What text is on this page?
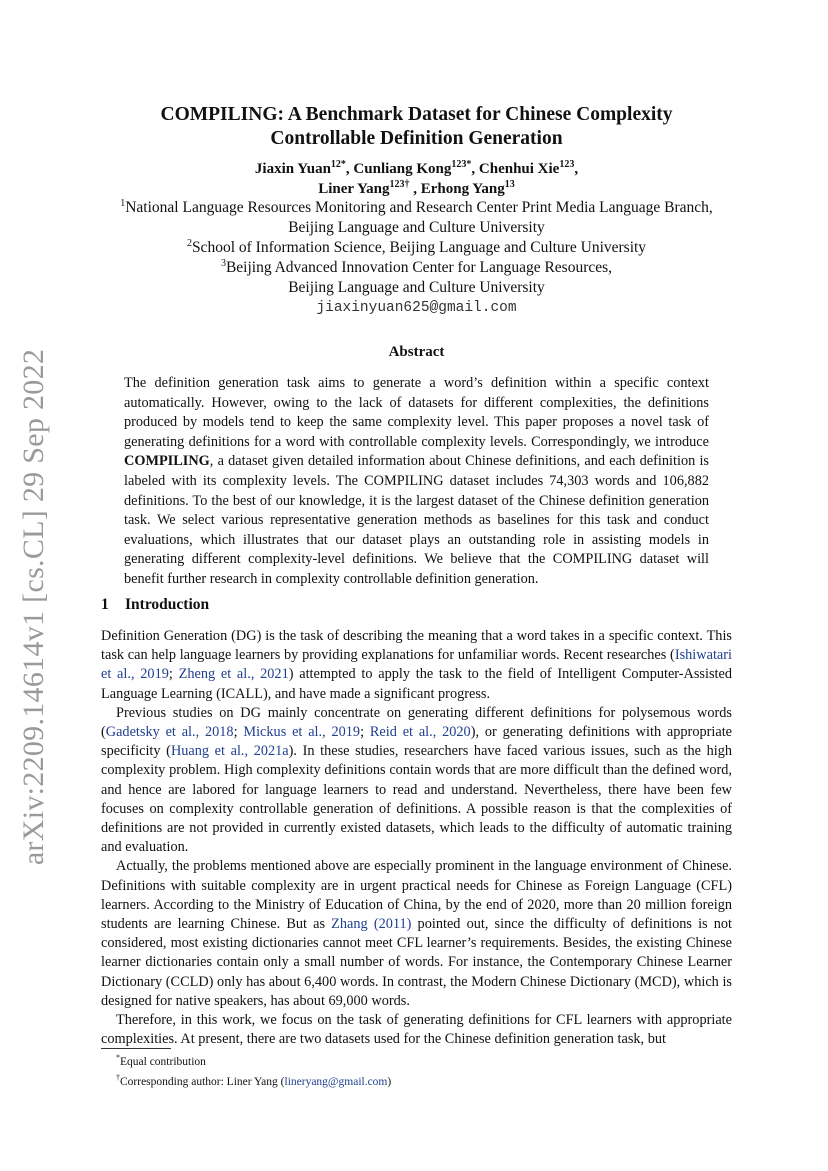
arXiv:2209.14614v1 [cs.CL] 29 Sep 2022
COMPILING: A Benchmark Dataset for Chinese Complexity
Controllable Definition Generation
Jiaxin Yuan$^{12*}$, Cunliang Kong$^{123*}$, Chenhui Xie$^{123}$,
Liner Yang$^{123\dagger}$ , Erhong Yang$^{13}$
$^1$National Language Resources Monitoring and Research Center Print Media Language Branch,
Beijing Language and Culture University
$^2$School of Information Science, Beijing Language and Culture University
$^3$Beijing Advanced Innovation Center for Language Resources,
Beijing Language and Culture University
jiaxinyuan625@gmail.com
Abstract
The definition generation task aims to generate a word’s definition within a specific context automatically. However, owing to the lack of datasets for different complexities, the definitions produced by models tend to keep the same complexity level. This paper proposes a novel task of generating definitions for a word with controllable complexity levels. Correspondingly, we introduce COMPILING, a dataset given detailed information about Chinese definitions, and each definition is labeled with its complexity levels. The COMPILING dataset includes 74,303 words and 106,882 definitions. To the best of our knowledge, it is the largest dataset of the Chinese definition generation task. We select various representative generation methods as baselines for this task and conduct evaluations, which illustrates that our dataset plays an outstanding role in assisting models in generating different complexity-level definitions. We believe that the COMPILING dataset will benefit further research in complexity controllable definition generation.
1 Introduction

Definition Generation (DG) is the task of describing the meaning that a word takes in a specific context. This task can help language learners by providing explanations for unfamiliar words. Recent researches (Ishiwatari et al., 2019; Zheng et al., 2021) attempted to apply the task to the field of Intelligent Computer-Assisted Language Learning (ICALL), and have made a significant progress.

Previous studies on DG mainly concentrate on generating different definitions for polysemous words (Gadetsky et al., 2018; Mickus et al., 2019; Reid et al., 2020), or generating definitions with appropriate specificity (Huang et al., 2021a). In these studies, researchers have faced various issues, such as the high complexity problem. High complexity definitions contain words that are more difficult than the defined word, and hence are labored for language learners to read and understand. Nevertheless, there have been few focuses on complexity controllable generation of definitions. A possible reason is that the complexities of definitions are not provided in currently existed datasets, which leads to the difficulty of automatic training and evaluation.

Actually, the problems mentioned above are especially prominent in the language environment of Chinese. Definitions with suitable complexity are in urgent practical needs for Chinese as Foreign Language (CFL) learners. According to the Ministry of Education of China, by the end of 2020, more than 20 million foreign students are learning Chinese. But as Zhang (2011) pointed out, since the difficulty of definitions is not considered, most existing dictionaries cannot meet CFL learner’s requirements. Besides, the existing Chinese learner dictionaries contain only a small number of words. For instance, the Contemporary Chinese Learner Dictionary (CCLD) only has about 6,400 words. In contrast, the Modern Chinese Dictionary (MCD), which is designed for native speakers, has about 69,000 words.

Therefore, in this work, we focus on the task of generating definitions for CFL learners with appropriate complexities. At present, there are two datasets used for the Chinese definition generation task, but

*Equal contribution
†Corresponding author: Liner Yang (lineryang@gmail.com)
